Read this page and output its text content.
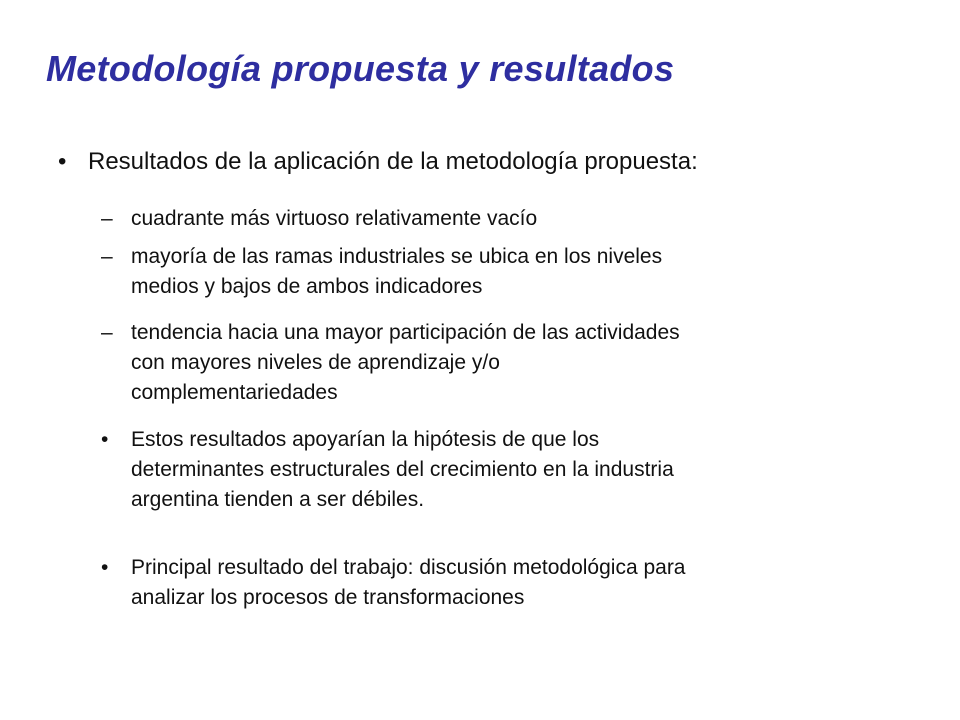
Metodología propuesta y resultados
• Resultados de la aplicación de la metodología propuesta:
– cuadrante más virtuoso relativamente vacío
– mayoría de las ramas industriales se ubica en los niveles
medios y bajos de ambos indicadores
– tendencia hacia una mayor participación de las actividades
con mayores niveles de aprendizaje y/o
complementariedades
• Estos resultados apoyarían la hipótesis de que los
determinantes estructurales del crecimiento en la industria
argentina tienden a ser débiles.
• Principal resultado del trabajo: discusión metodológica para
analizar los procesos de transformaciones
